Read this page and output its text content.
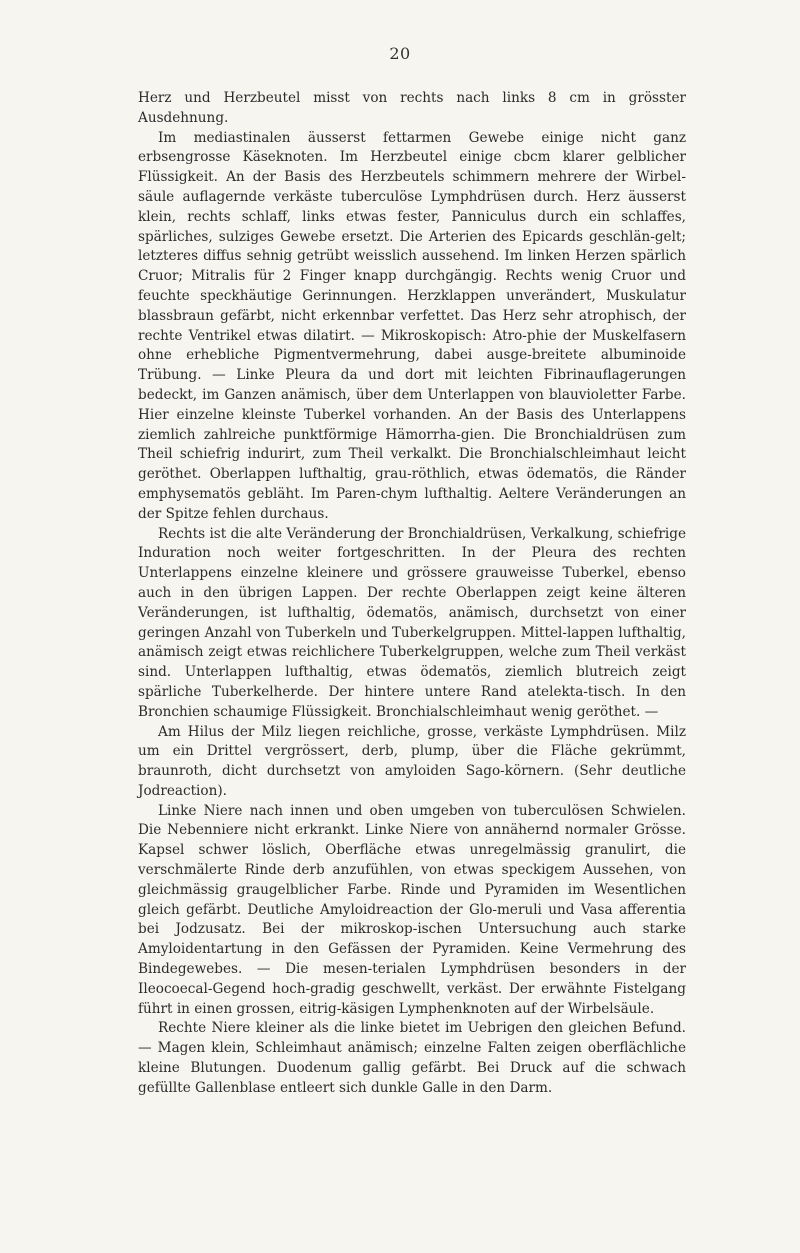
20

Herz und Herzbeutel misst von rechts nach links 8 cm in grösster Ausdehnung.

Im mediastinalen äusserst fettarmen Gewebe einige nicht ganz erbsengrosse Käseknoten. Im Herzbeutel einige cbcm klarer gelblicher Flüssigkeit. An der Basis des Herzbeutels schimmern mehrere der Wirbel-säule auflagernde verkäste tuberculöse Lymphdrüsen durch. Herz äusserst klein, rechts schlaff, links etwas fester, Panniculus durch ein schlaffes, spärliches, sulziges Gewebe ersetzt. Die Arterien des Epicards geschlän-gelt; letzteres diffus sehnig getrübt weisslich aussehend. Im linken Herzen spärlich Cruor; Mitralis für 2 Finger knapp durchgängig. Rechts wenig Cruor und feuchte speckhäutige Gerinnungen. Herzklappen unverändert, Muskulatur blassbraun gefärbt, nicht erkennbar verfettet. Das Herz sehr atrophisch, der rechte Ventrikel etwas dilatirt. — Mikroskopisch: Atro-phie der Muskelfasern ohne erhebliche Pigmentvermehrung, dabei ausge-breitete albuminoide Trübung. — Linke Pleura da und dort mit leichten Fibrinauflagerungen bedeckt, im Ganzen anämisch, über dem Unterlappen von blauvioletter Farbe. Hier einzelne kleinste Tuberkel vorhanden. An der Basis des Unterlappens ziemlich zahlreiche punktförmige Hämorrha-gien. Die Bronchialdrüsen zum Theil schiefrig indurirt, zum Theil verkalkt. Die Bronchialschleimhaut leicht geröthet. Oberlappen lufthaltig, grau-röthlich, etwas ödematös, die Ränder emphysematös gebläht. Im Paren-chym lufthaltig. Aeltere Veränderungen an der Spitze fehlen durchaus.

Rechts ist die alte Veränderung der Bronchialdrüsen, Verkalkung, schiefrige Induration noch weiter fortgeschritten. In der Pleura des rechten Unterlappens einzelne kleinere und grössere grauweisse Tuberkel, ebenso auch in den übrigen Lappen. Der rechte Oberlappen zeigt keine älteren Veränderungen, ist lufthaltig, ödematös, anämisch, durchsetzt von einer geringen Anzahl von Tuberkeln und Tuberkelgruppen. Mittel-lappen lufthaltig, anämisch zeigt etwas reichlichere Tuberkelgruppen, welche zum Theil verkäst sind. Unterlappen lufthaltig, etwas ödematös, ziemlich blutreich zeigt spärliche Tuberkelherde. Der hintere untere Rand atelekta-tisch. In den Bronchien schaumige Flüssigkeit. Bronchialschleimhaut wenig geröthet. —

Am Hilus der Milz liegen reichliche, grosse, verkäste Lymphdrüsen. Milz um ein Drittel vergrössert, derb, plump, über die Fläche gekrümmt, braunroth, dicht durchsetzt von amyloiden Sago-körnern. (Sehr deutliche Jodreaction).

Linke Niere nach innen und oben umgeben von tuberculösen Schwielen. Die Nebenniere nicht erkrankt. Linke Niere von annähernd normaler Grösse. Kapsel schwer löslich, Oberfläche etwas unregelmässig granulirt, die verschmälerte Rinde derb anzufühlen, von etwas speckigem Aussehen, von gleichmässig graugelblicher Farbe. Rinde und Pyramiden im Wesentlichen gleich gefärbt. Deutliche Amyloidreaction der Glo-meruli und Vasa afferentia bei Jodzusatz. Bei der mikroskop-ischen Untersuchung auch starke Amyloidentartung in den Gefässen der Pyramiden. Keine Vermehrung des Bindegewebes. — Die mesen-terialen Lymphdrüsen besonders in der Ileocoecal-Gegend hoch-gradig geschwellt, verkäst. Der erwähnte Fistelgang führt in einen grossen, eitrig-käsigen Lymphenknoten auf der Wirbelsäule.

Rechte Niere kleiner als die linke bietet im Uebrigen den gleichen Befund. — Magen klein, Schleimhaut anämisch; einzelne Falten zeigen oberflächliche kleine Blutungen. Duodenum gallig gefärbt. Bei Druck auf die schwach gefüllte Gallenblase entleert sich dunkle Galle in den Darm.
